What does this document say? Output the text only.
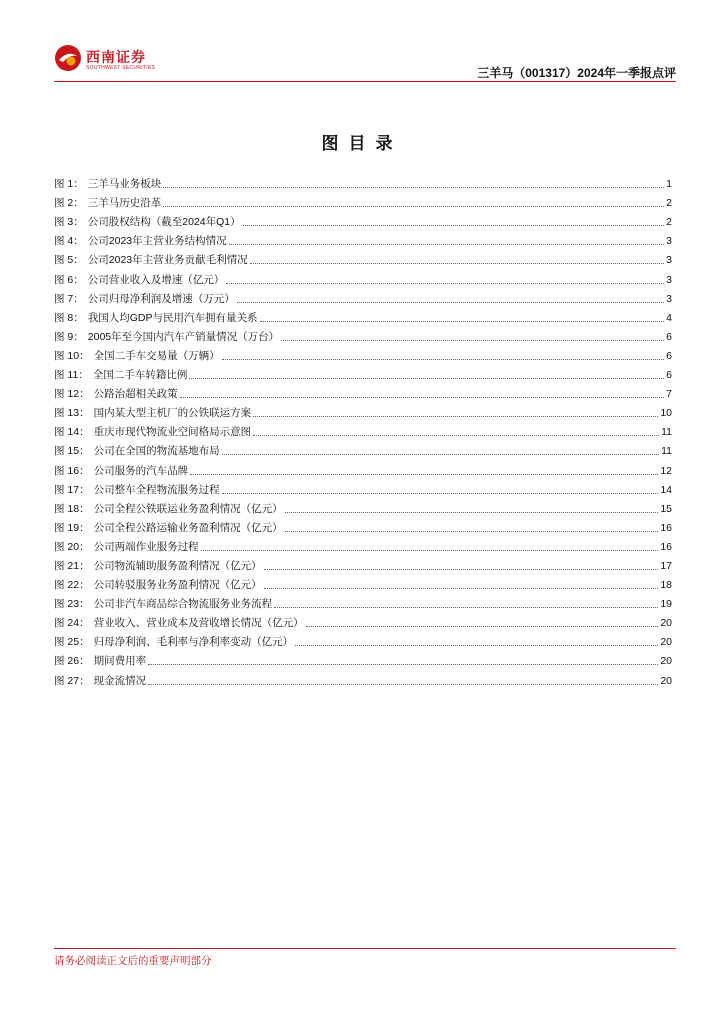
西南证券
SOUTHWEST SECURITIES	三羊马（001317）2024年一季报点评
图目录
图 1： 三羊马业务板块	1
图 2： 三羊马历史沿革	2
图 3： 公司股权结构（截至2024年Q1）	2
图 4： 公司2023年主营业务结构情况	3
图 5： 公司2023年主营业务贡献毛利情况	3
图 6： 公司营业收入及增速（亿元）	3
图 7： 公司归母净利润及增速（万元）	3
图 8： 我国人均GDP与民用汽车拥有量关系	4
图 9： 2005年至今国内汽车产销量情况（万台）	6
图 10： 全国二手车交易量（万辆）	6
图 11： 全国二手车转籍比例	6
图 12： 公路治超相关政策	7
图 13： 国内某大型主机厂的公铁联运方案	10
图 14： 重庆市现代物流业空间格局示意图	11
图 15： 公司在全国的物流基地布局	11
图 16： 公司服务的汽车品牌	12
图 17： 公司整车全程物流服务过程	14
图 18： 公司全程公铁联运业务盈利情况（亿元）	15
图 19： 公司全程公路运输业务盈利情况（亿元）	16
图 20： 公司两端作业服务过程	16
图 21： 公司物流辅助服务盈利情况（亿元）	17
图 22： 公司转驳服务业务盈利情况（亿元）	18
图 23： 公司非汽车商品综合物流服务业务流程	19
图 24： 营业收入、营业成本及营收增长情况（亿元）	20
图 25： 归母净利润、毛利率与净利率变动（亿元）	20
图 26： 期间费用率	20
图 27： 现金流情况	20
请务必阅读正文后的重要声明部分
